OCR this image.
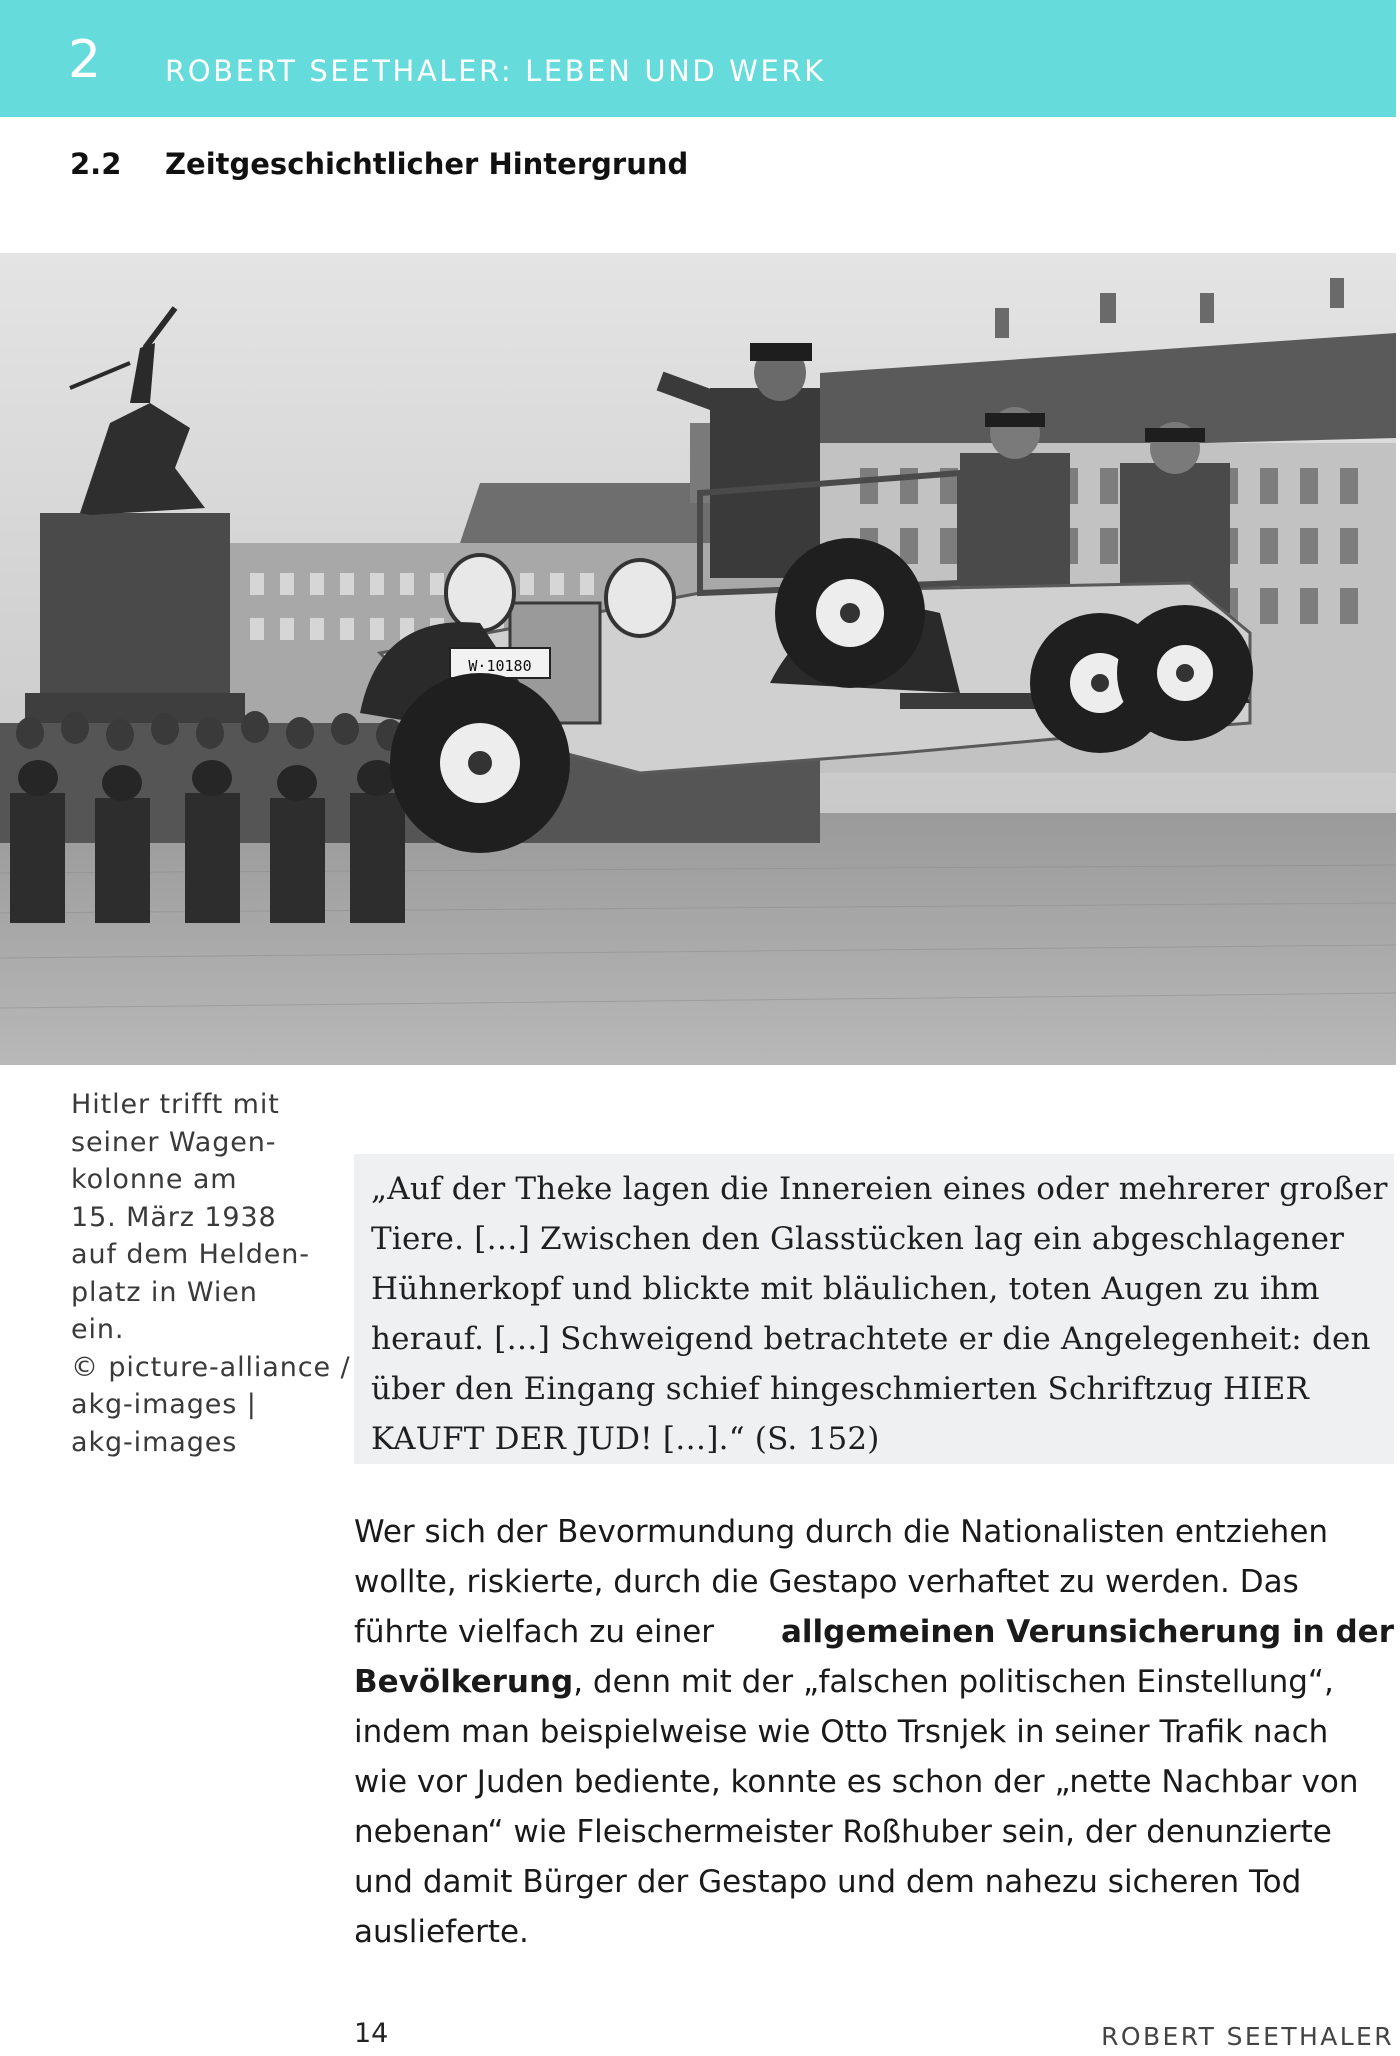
2 ROBERT SEETHALER: LEBEN UND WERK
2.2 Zeitgeschichtlicher Hintergrund
W·10180
Hitler trifft mit
seiner Wagen-
kolonne am
15. März 1938
auf dem Helden-
platz in Wien
ein.
© picture-alliance /
akg-images |
akg-images
„Auf der Theke lagen die Innereien eines oder mehrerer großer
Tiere. […] Zwischen den Glasstücken lag ein abgeschlagener
Hühnerkopf und blickte mit bläulichen, toten Augen zu ihm
herauf. […] Schweigend betrachtete er die Angelegenheit: den
über den Eingang schief hingeschmierten Schriftzug HIER
KAUFT DER JUD! […].“ (S. 152)
Wer sich der Bevormundung durch die Nationalisten entziehen
wollte, riskierte, durch die Gestapo verhaftet zu werden. Das
führte vielfach zu einer allgemeinen Verunsicherung in der
Bevölkerung, denn mit der „falschen politischen Einstellung“,
indem man beispielweise wie Otto Trsnjek in seiner Trafik nach
wie vor Juden bediente, konnte es schon der „nette Nachbar von
nebenan“ wie Fleischermeister Roßhuber sein, der denunzierte
und damit Bürger der Gestapo und dem nahezu sicheren Tod
auslieferte.
14	ROBERT SEETHALER
